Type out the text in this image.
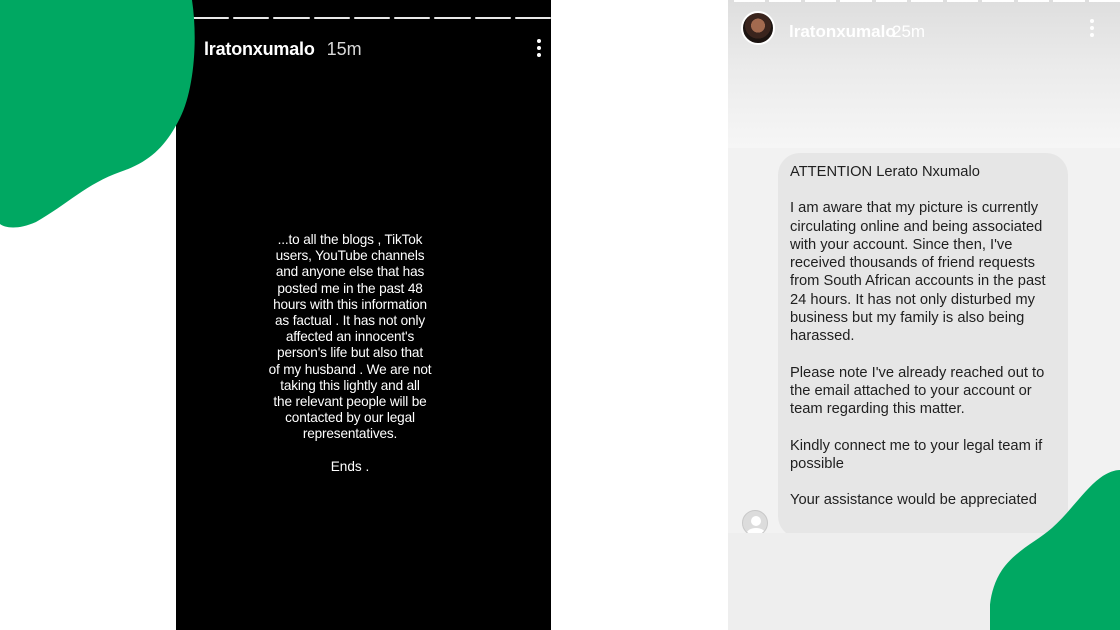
lratonxumalo 15m
...to all the blogs , TikTok
users, YouTube channels
and anyone else that has
posted me in the past 48
hours with this information
as factual . It has not only
affected an innocent's
person's life but also that
of my husband . We are not
taking this lightly and all
the relevant people will be
contacted by our legal
representatives.
Ends .
lratonxumalo
25m

ATTENTION Lerato Nxumalo

I am aware that my picture is currently circulating online and being associated with your account. Since then, I've received thousands of friend requests from South African accounts in the past 24 hours. It has not only disturbed my business but my family is also being harassed.

Please note I've already reached out to the email attached to your account or team regarding this matter.

Kindly connect me to your legal team if possible

Your assistance would be appreciated
